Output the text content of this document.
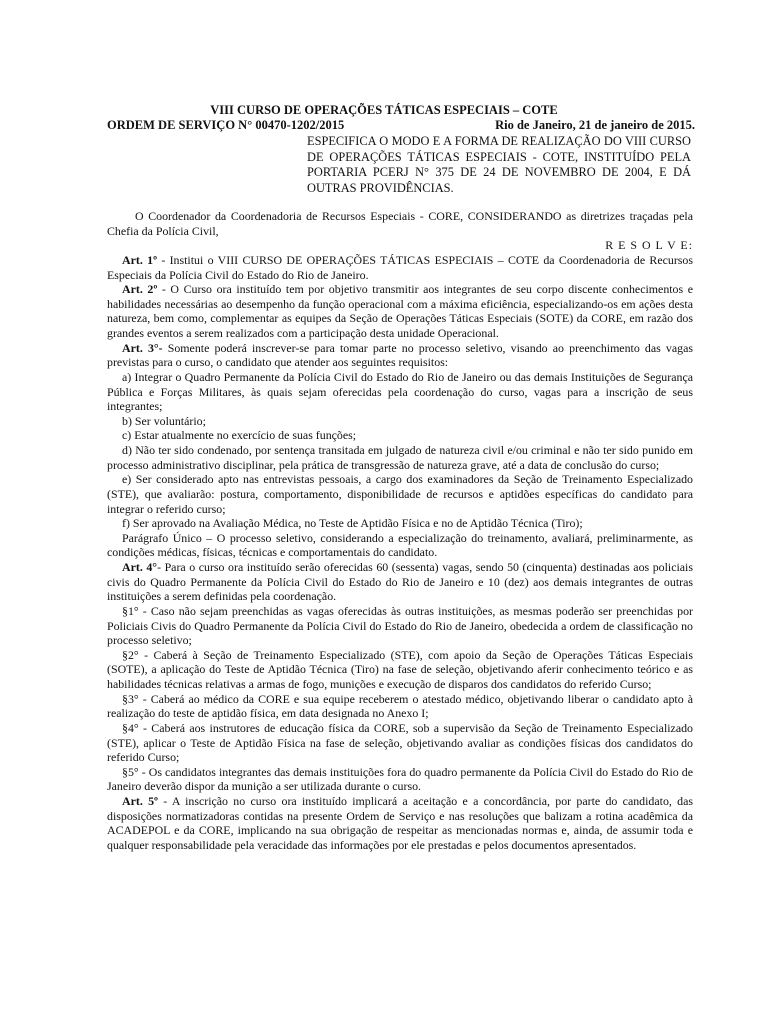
VIII CURSO DE OPERAÇÕES TÁTICAS ESPECIAIS – COTE
ORDEM DE SERVIÇO N° 00470-1202/2015	Rio de Janeiro, 21 de janeiro de 2015.
ESPECIFICA O MODO E A FORMA DE REALIZAÇÃO DO VIII CURSO DE OPERAÇÕES TÁTICAS ESPECIAIS - COTE, INSTITUÍDO PELA PORTARIA PCERJ N° 375 DE 24 DE NOVEMBRO DE 2004, E DÁ OUTRAS PROVIDÊNCIAS.

O Coordenador da Coordenadoria de Recursos Especiais - CORE, CONSIDERANDO as diretrizes traçadas pela Chefia da Polícia Civil,

R E S O L V E:

Art. 1º - Institui o VIII CURSO DE OPERAÇÕES TÁTICAS ESPECIAIS – COTE da Coordenadoria de Recursos Especiais da Polícia Civil do Estado do Rio de Janeiro.

Art. 2º - O Curso ora instituído tem por objetivo transmitir aos integrantes de seu corpo discente conhecimentos e habilidades necessárias ao desempenho da função operacional com a máxima eficiência, especializando-os em ações desta natureza, bem como, complementar as equipes da Seção de Operações Táticas Especiais (SOTE) da CORE, em razão dos grandes eventos a serem realizados com a participação desta unidade Operacional.

Art. 3°- Somente poderá inscrever-se para tomar parte no processo seletivo, visando ao preenchimento das vagas previstas para o curso, o candidato que atender aos seguintes requisitos:

a) Integrar o Quadro Permanente da Polícia Civil do Estado do Rio de Janeiro ou das demais Instituições de Segurança Pública e Forças Militares, às quais sejam oferecidas pela coordenação do curso, vagas para a inscrição de seus integrantes;

b) Ser voluntário;

c) Estar atualmente no exercício de suas funções;

d) Não ter sido condenado, por sentença transitada em julgado de natureza civil e/ou criminal e não ter sido punido em processo administrativo disciplinar, pela prática de transgressão de natureza grave, até a data de conclusão do curso;

e) Ser considerado apto nas entrevistas pessoais, a cargo dos examinadores da Seção de Treinamento Especializado (STE), que avaliarão: postura, comportamento, disponibilidade de recursos e aptidões específicas do candidato para integrar o referido curso;

f) Ser aprovado na Avaliação Médica, no Teste de Aptidão Física e no de Aptidão Técnica (Tiro);

Parágrafo Único – O processo seletivo, considerando a especialização do treinamento, avaliará, preliminarmente, as condições médicas, físicas, técnicas e comportamentais do candidato.

Art. 4°- Para o curso ora instituído serão oferecidas 60 (sessenta) vagas, sendo 50 (cinquenta) destinadas aos policiais civis do Quadro Permanente da Polícia Civil do Estado do Rio de Janeiro e 10 (dez) aos demais integrantes de outras instituições a serem definidas pela coordenação.

§1° - Caso não sejam preenchidas as vagas oferecidas às outras instituições, as mesmas poderão ser preenchidas por Policiais Civis do Quadro Permanente da Polícia Civil do Estado do Rio de Janeiro, obedecida a ordem de classificação no processo seletivo;

§2° - Caberá à Seção de Treinamento Especializado (STE), com apoio da Seção de Operações Táticas Especiais (SOTE), a aplicação do Teste de Aptidão Técnica (Tiro) na fase de seleção, objetivando aferir conhecimento teórico e as habilidades técnicas relativas a armas de fogo, munições e execução de disparos dos candidatos do referido Curso;

§3° - Caberá ao médico da CORE e sua equipe receberem o atestado médico, objetivando liberar o candidato apto à realização do teste de aptidão física, em data designada no Anexo I;

§4° - Caberá aos instrutores de educação física da CORE, sob a supervisão da Seção de Treinamento Especializado (STE), aplicar o Teste de Aptidão Física na fase de seleção, objetivando avaliar as condições físicas dos candidatos do referido Curso;

§5° - Os candidatos integrantes das demais instituições fora do quadro permanente da Polícia Civil do Estado do Rio de Janeiro deverão dispor da munição a ser utilizada durante o curso.

Art. 5º - A inscrição no curso ora instituído implicará a aceitação e a concordância, por parte do candidato, das disposições normatizadoras contidas na presente Ordem de Serviço e nas resoluções que balizam a rotina acadêmica da ACADEPOL e da CORE, implicando na sua obrigação de respeitar as mencionadas normas e, ainda, de assumir toda e qualquer responsabilidade pela veracidade das informações por ele prestadas e pelos documentos apresentados.
